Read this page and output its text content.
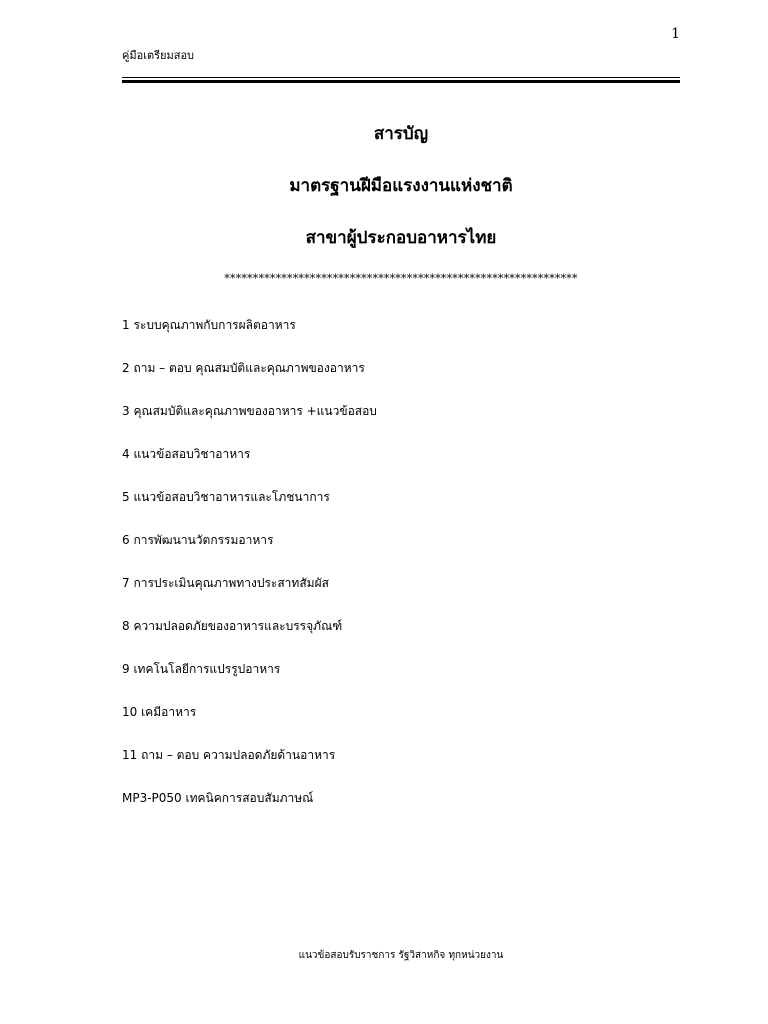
1
คู่มือเตรียมสอบ
สารบัญ
มาตรฐานฝีมือแรงงานแห่งชาติ
สาขาผู้ประกอบอาหารไทย
**************************************************************
1 ระบบคุณภาพกับการผลิตอาหาร
2 ถาม – ตอบ คุณสมบัติและคุณภาพของอาหาร
3 คุณสมบัติและคุณภาพของอาหาร +แนวข้อสอบ
4 แนวข้อสอบวิชาอาหาร
5 แนวข้อสอบวิชาอาหารและโภชนาการ
6 การพัฒนานวัตกรรมอาหาร
7 การประเมินคุณภาพทางประสาทสัมผัส
8 ความปลอดภัยของอาหารและบรรจุภัณฑ์
9 เทคโนโลยีการแปรรูปอาหาร
10 เคมีอาหาร
11 ถาม – ตอบ ความปลอดภัยด้านอาหาร
MP3-P050 เทคนิคการสอบสัมภาษณ์
แนวข้อสอบรับราชการ รัฐวิสาหกิจ ทุกหน่วยงาน
